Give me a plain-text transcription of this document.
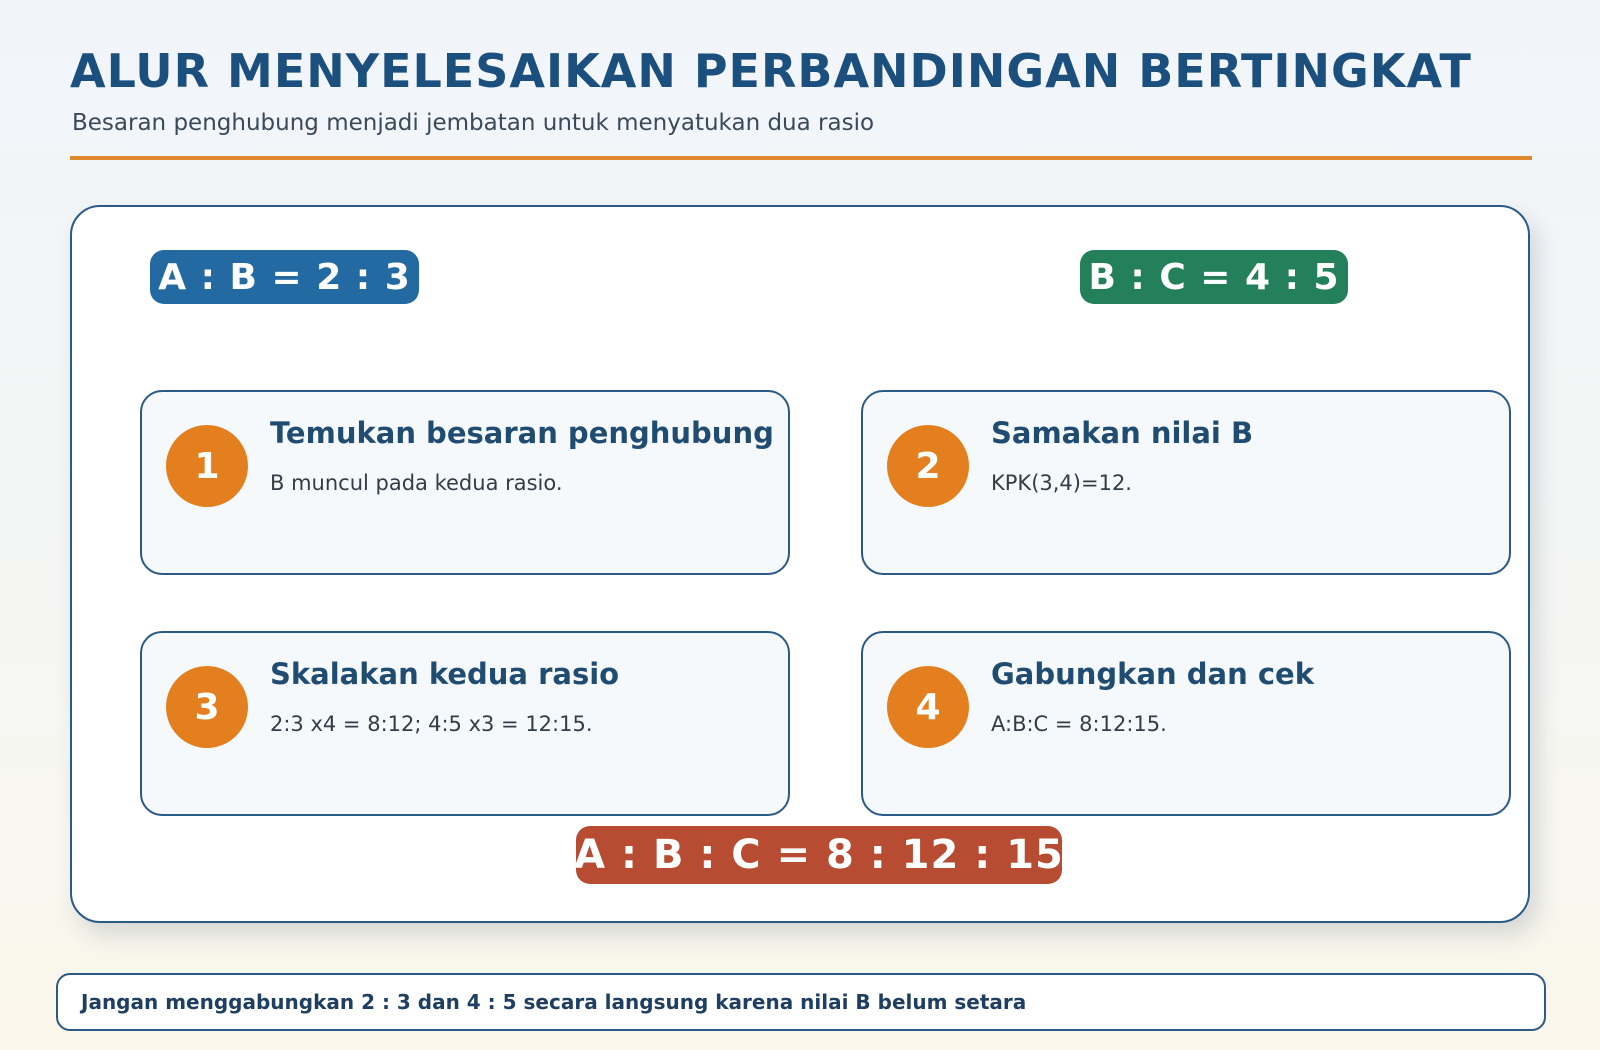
ALUR MENYELESAIKAN PERBANDINGAN BERTINGKAT
Besaran penghubung menjadi jembatan untuk menyatukan dua rasio
A : B = 2 : 3	B : C = 4 : 5
1
Temukan besaran penghubung
B muncul pada kedua rasio.	2
Samakan nilai B
KPK(3,4)=12.
3
Skalakan kedua rasio
2:3 x4 = 8:12; 4:5 x3 = 12:15.	4
Gabungkan dan cek
A:B:C = 8:12:15.
A : B : C = 8 : 12 : 15
Jangan menggabungkan 2 : 3 dan 4 : 5 secara langsung karena nilai B belum setara
